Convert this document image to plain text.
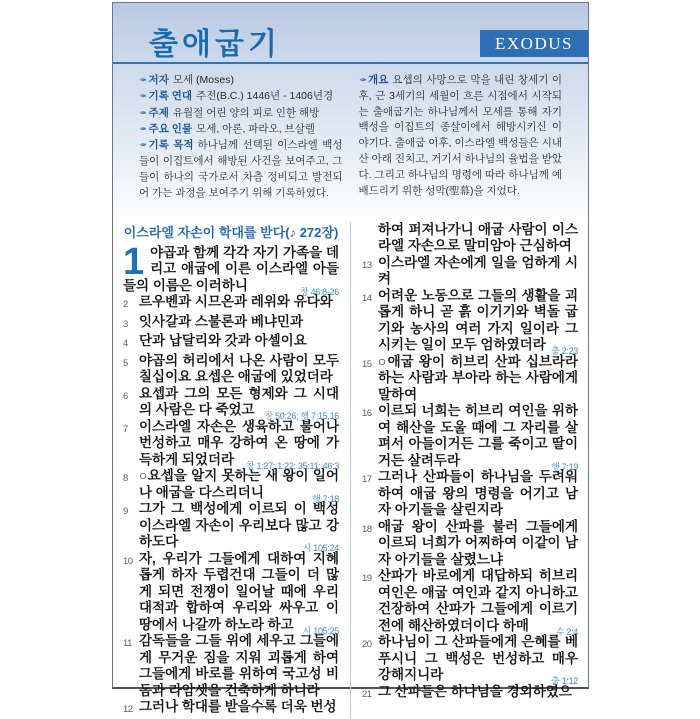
출애굽기	EXODUS

✒ 저자 모세 (Moses)

✒ 기록 연대 주전(B.C.) 1446년 - 1406년경

✒ 주제 유월절 어린 양의 피로 인한 해방

✒ 주요 인물 모세, 아론, 파라오, 브살렐

✒ 기록 목적 하나님께 선택된 이스라엘 백성들이 이집트에서 해방된 사건을 보여주고, 그들이 하나의 국가로서 차츰 정비되고 발전되어 가는 과정을 보여주기 위해 기록하였다.

✒ 개요 요셉의 사망으로 막을 내린 창세기 이후, 근 3세기의 세월이 흐른 시점에서 시작되는 출애굽기는 하나님께서 모세를 통해 자기 백성을 이집트의 종살이에서 해방시키신 이야기다. 출애굽 이후, 이스라엘 백성들은 시내 산 아래 진치고, 거기서 하나님의 율법을 받았다. 그리고 하나님의 명령에 따라 하나님께 예배드리기 위한 성막(聖幕)을 지었다.

이스라엘 자손이 학대를 받다(♪ 272장)
1 야곱과 함께 각각 자기 가족을 데리고 애굽에 이른 이스라엘 아들들의 이름은 이러하니	창 46:8-26
2 르우벤과 시므온과 레위와 유다와
3 잇사갈과 스불론과 베냐민과
4 단과 납달리와 갓과 아셀이요
5 야곱의 허리에서 나온 사람이 모두 칠십이요 요셉은 애굽에 있었더라
6 요셉과 그의 모든 형제와 그 시대의 사람은 다 죽었고 창 50:26; 행 7:15,16
7 이스라엘 자손은 생육하고 불어나 번성하고 매우 강하여 온 땅에 가득하게 되었더라 창 1:27; 1:22; 35:11; 46:3
8 ○요셉을 알지 못하는 새 왕이 일어나 애굽을 다스리더니	행 7:18
9 그가 그 백성에게 이르되 이 백성 이스라엘 자손이 우리보다 많고 강하도다	시 105:24
10 자, 우리가 그들에게 대하여 지혜롭게 하자 두렵건대 그들이 더 많게 되면 전쟁이 일어날 때에 우리 대적과 합하여 우리와 싸우고 이 땅에서 나갈까 하노라 하고 시 105:25
11 감독들을 그들 위에 세우고 그들에게 무거운 짐을 지워 괴롭게 하여 그들에게 바로를 위하여 국고성 비돔과 라암셋을 건축하게 하니라
12 그러나 학대를 받을수록 더욱 번성
하여 퍼져나가니 애굽 사람이 이스라엘 자손으로 말미암아 근심하여
13 이스라엘 자손에게 일을 엄하게 시켜
14 어려운 노동으로 그들의 생활을 괴롭게 하니 곧 흙 이기기와 벽돌 굽기와 농사의 여러 가지 일이라 그 시키는 일이 모두 엄하였더라 출 2:23
15 ○애굽 왕이 히브리 산파 십브라라 하는 사람과 부아라 하는 사람에게 말하여
16 이르되 너희는 히브리 여인을 위하여 해산을 도울 때에 그 자리를 살펴서 아들이거든 그를 죽이고 딸이거든 살려두라	행 7:19
17 그러나 산파들이 하나님을 두려워하여 애굽 왕의 명령을 어기고 남자 아기들을 살린지라
18 애굽 왕이 산파를 불러 그들에게 이르되 너희가 어찌하여 이같이 남자 아기들을 살렸느냐
19 산파가 바로에게 대답하되 히브리 여인은 애굽 여인과 같지 아니하고 건장하여 산파가 그들에게 이르기 전에 해산하였더이다 하매	수 2:4
20 하나님이 그 산파들에게 은혜를 베푸시니 그 백성은 번성하고 매우 강해지니라	출 1:12
21 그 산파들은 하나님을 경외하였으
